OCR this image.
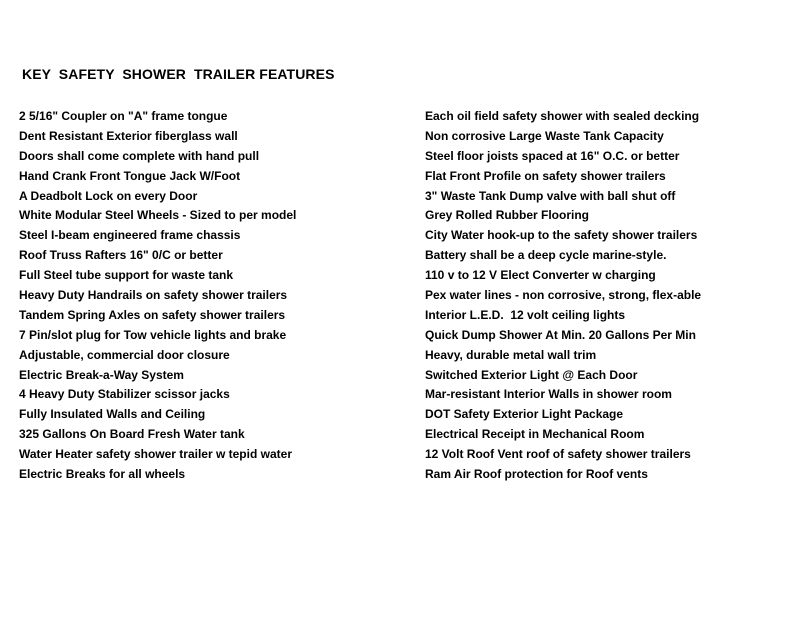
KEY  SAFETY  SHOWER  TRAILER FEATURES
2 5/16" Coupler on "A" frame tongue
Dent Resistant Exterior fiberglass wall
Doors shall come complete with hand pull
Hand Crank Front Tongue Jack W/Foot
A Deadbolt Lock on every Door
White Modular Steel Wheels - Sized to per model
Steel I-beam engineered frame chassis
Roof Truss Rafters 16" 0/C or better
Full Steel tube support for waste tank
Heavy Duty Handrails on safety shower trailers
Tandem Spring Axles on safety shower trailers
7 Pin/slot plug for Tow vehicle lights and brake
Adjustable, commercial door closure
Electric Break-a-Way System
4 Heavy Duty Stabilizer scissor jacks
Fully Insulated Walls and Ceiling
325 Gallons On Board Fresh Water tank
Water Heater safety shower trailer w tepid water
Electric Breaks for all wheels
Each oil field safety shower with sealed decking
Non corrosive Large Waste Tank Capacity
Steel floor joists spaced at 16" O.C. or better
Flat Front Profile on safety shower trailers
3" Waste Tank Dump valve with ball shut off
Grey Rolled Rubber Flooring
City Water hook-up to the safety shower trailers
Battery shall be a deep cycle marine-style.
110 v to 12 V Elect Converter w charging
Pex water lines - non corrosive, strong, flex-able
Interior L.E.D.  12 volt ceiling lights
Quick Dump Shower At Min. 20 Gallons Per Min
Heavy, durable metal wall trim
Switched Exterior Light @ Each Door
Mar-resistant Interior Walls in shower room
DOT Safety Exterior Light Package
Electrical Receipt in Mechanical Room
12 Volt Roof Vent roof of safety shower trailers
Ram Air Roof protection for Roof vents
